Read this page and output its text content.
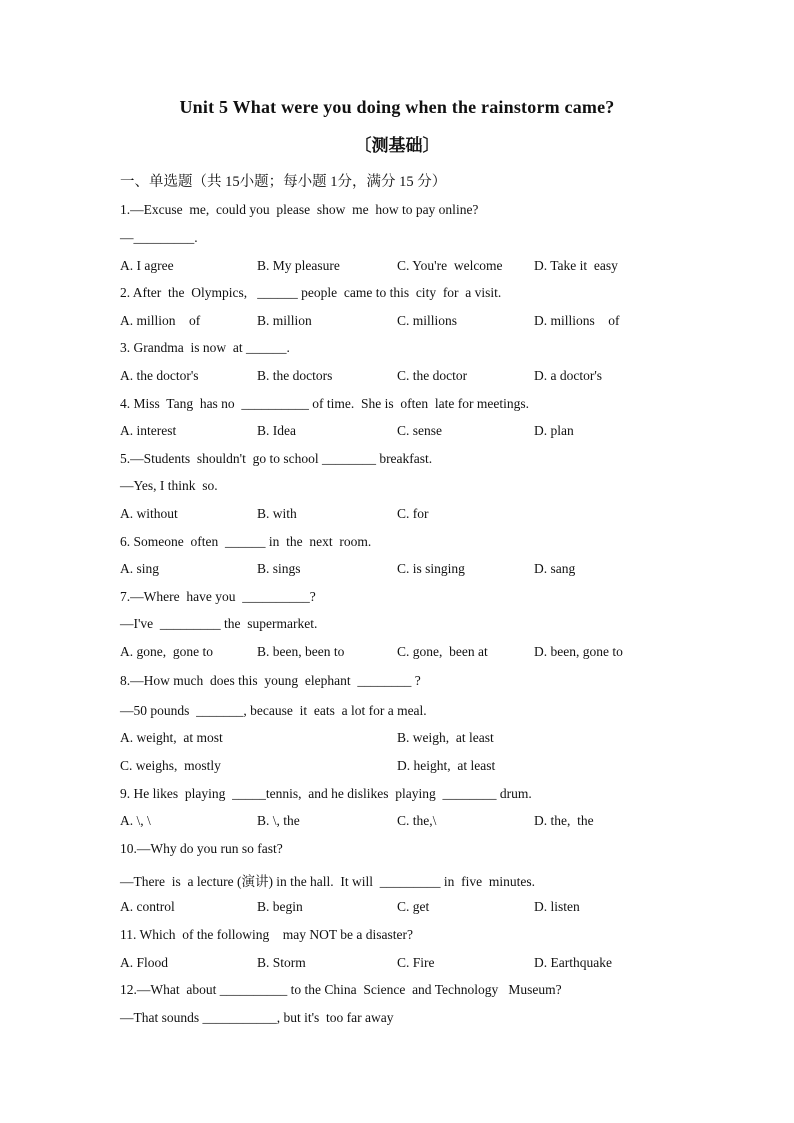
Unit 5 What were you doing when the rainstorm came?
〔测基础〕
一、单选题（共 15小题；每小题 1分，满分 15 分）
1.—Excuse  me,  could you  please  show  me  how to pay online?
—_________.
A. I agree	B. My pleasure	C. You're  welcome D. Take it  easy
2. After  the  Olympics,   ______ people  came to this  city  for  a visit.
A. million    of	B. million	C. millions	D. millions    of
3. Grandma  is now  at ______.
A. the doctor's	B. the doctors	C. the doctor	D. a doctor's
4. Miss  Tang  has no  __________ of time.  She is  often  late for meetings.
A. interest	B. Idea	C. sense	D. plan
5.—Students  shouldn't  go to school ________ breakfast.
—Yes, I think  so.
A. without	B. with	C. for
6. Someone  often  ______ in  the  next  room.
A. sing	B. sings	C. is singing	D. sang
7.—Where  have you  __________?
—I've  _________ the  supermarket.
A. gone,  gone to	B. been, been to	C. gone,  been at	D. been, gone to
8.—How much  does this  young  elephant  ________ ?
—50 pounds  _______, because  it  eats  a lot for a meal.
A. weight,  at most	B. weigh,  at least
C. weighs,  mostly	D. height,  at least
9. He likes  playing  _____tennis,  and he dislikes  playing  ________ drum.
A. \, \	B. \, the	C. the,\	D. the,  the
10.—Why do you run so fast?
—There  is  a lecture (演讲) in the hall.  It will  _________ in  five  minutes.
A. control	B. begin	C. get	D. listen
11. Which  of the following    may NOT be a disaster?
A. Flood	B. Storm	C. Fire	D. Earthquake
12.—What  about __________ to the China  Science  and Technology   Museum?
—That sounds ___________, but it's  too far away
